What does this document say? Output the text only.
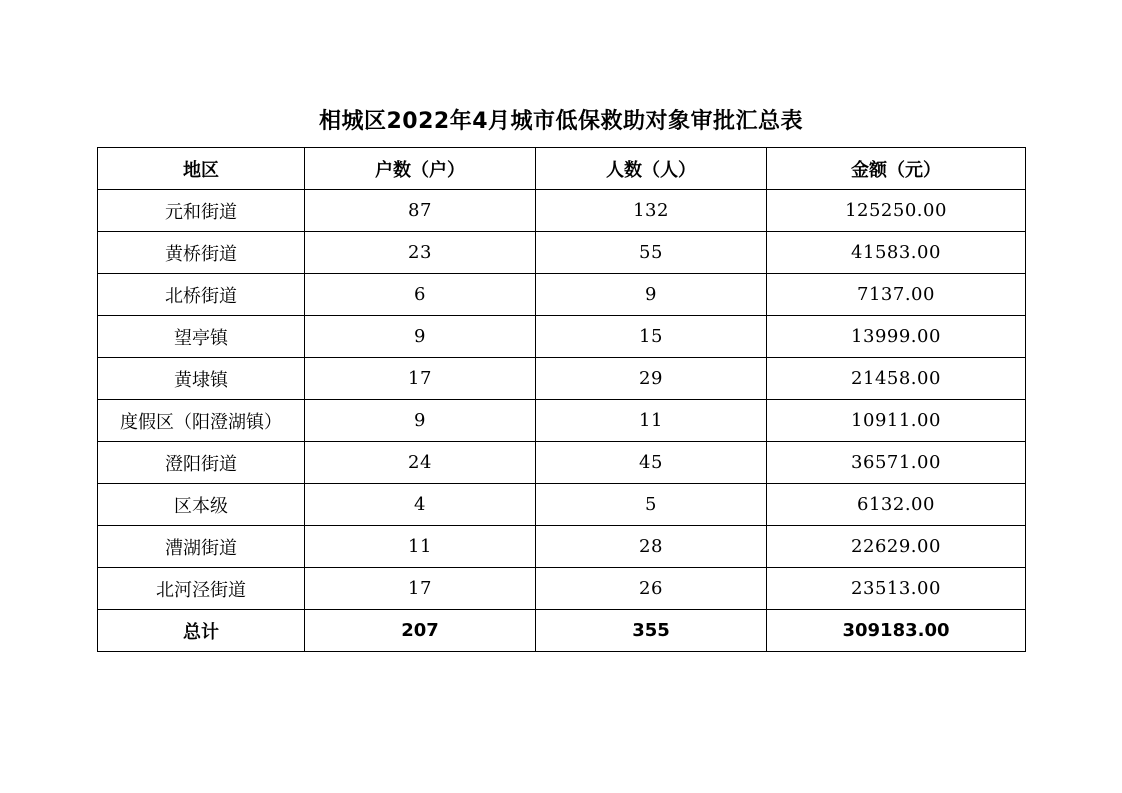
相城区2022年4月城市低保救助对象审批汇总表
地区	户数（户）	人数（人）	金额（元）
元和街道	87	132	125250.00
黄桥街道	23	55	41583.00
北桥街道	6	9	7137.00
望亭镇	9	15	13999.00
黄埭镇	17	29	21458.00
度假区（阳澄湖镇）	9	11	10911.00
澄阳街道	24	45	36571.00
区本级	4	5	6132.00
漕湖街道	11	28	22629.00
北河泾街道	17	26	23513.00
总计	207	355	309183.00
